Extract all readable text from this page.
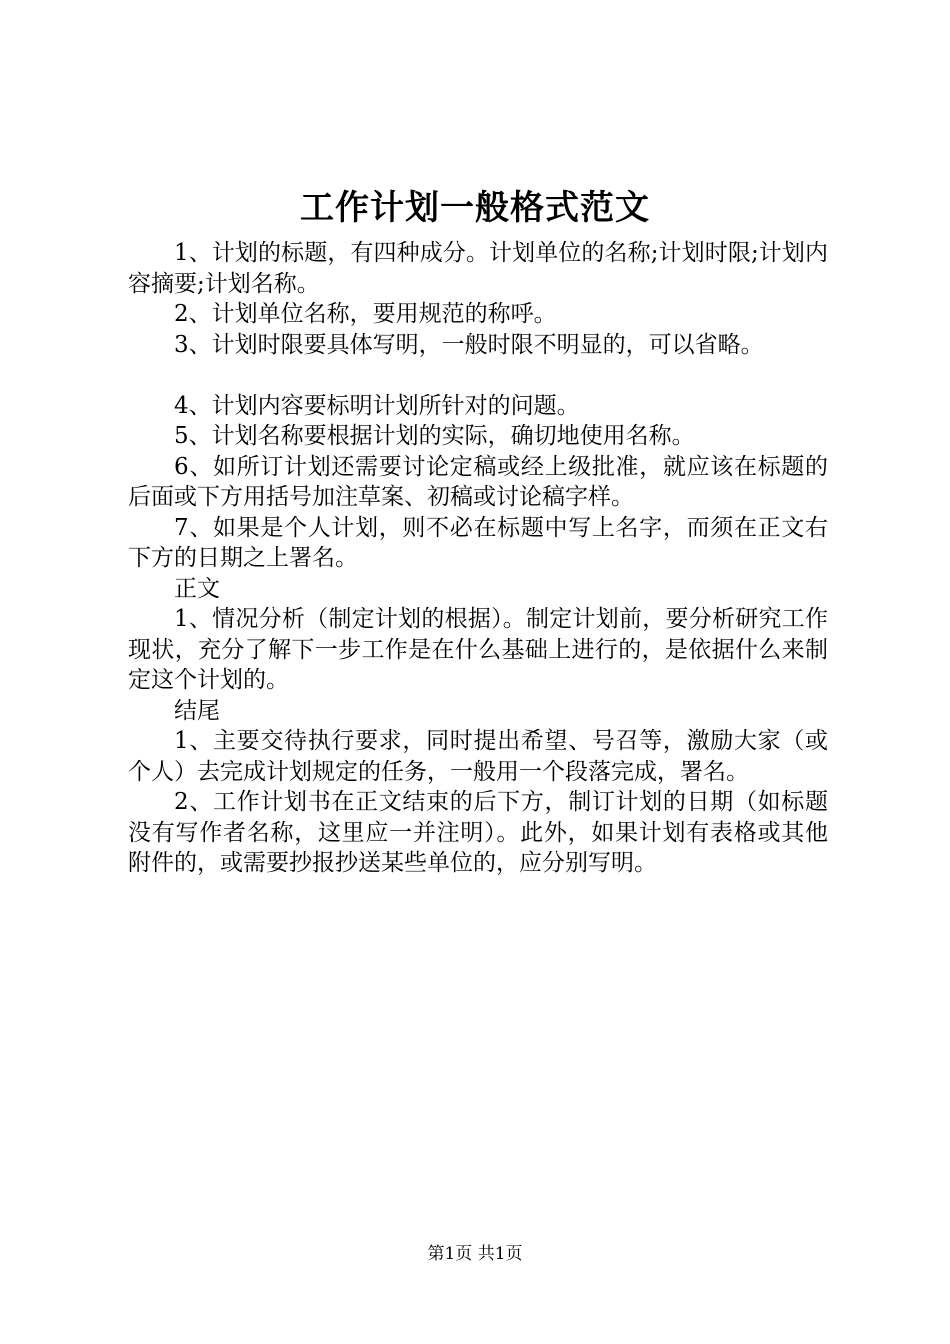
工作计划一般格式范文

1、计划的标题，有四种成分。计划单位的名称;计划时限;计划内容摘要;计划名称。

2、计划单位名称，要用规范的称呼。

3、计划时限要具体写明，一般时限不明显的，可以省略。

4、计划内容要标明计划所针对的问题。

5、计划名称要根据计划的实际，确切地使用名称。

6、如所订计划还需要讨论定稿或经上级批准，就应该在标题的后面或下方用括号加注草案、初稿或讨论稿字样。

7、如果是个人计划，则不必在标题中写上名字，而须在正文右下方的日期之上署名。

正文

1、情况分析（制定计划的根据）。制定计划前，要分析研究工作现状，充分了解下一步工作是在什么基础上进行的，是依据什么来制定这个计划的。

结尾

1、主要交待执行要求，同时提出希望、号召等，激励大家（或个人）去完成计划规定的任务，一般用一个段落完成，署名。

2、工作计划书在正文结束的后下方，制订计划的日期（如标题没有写作者名称，这里应一并注明）。此外，如果计划有表格或其他附件的，或需要抄报抄送某些单位的，应分别写明。

第1页 共1页
